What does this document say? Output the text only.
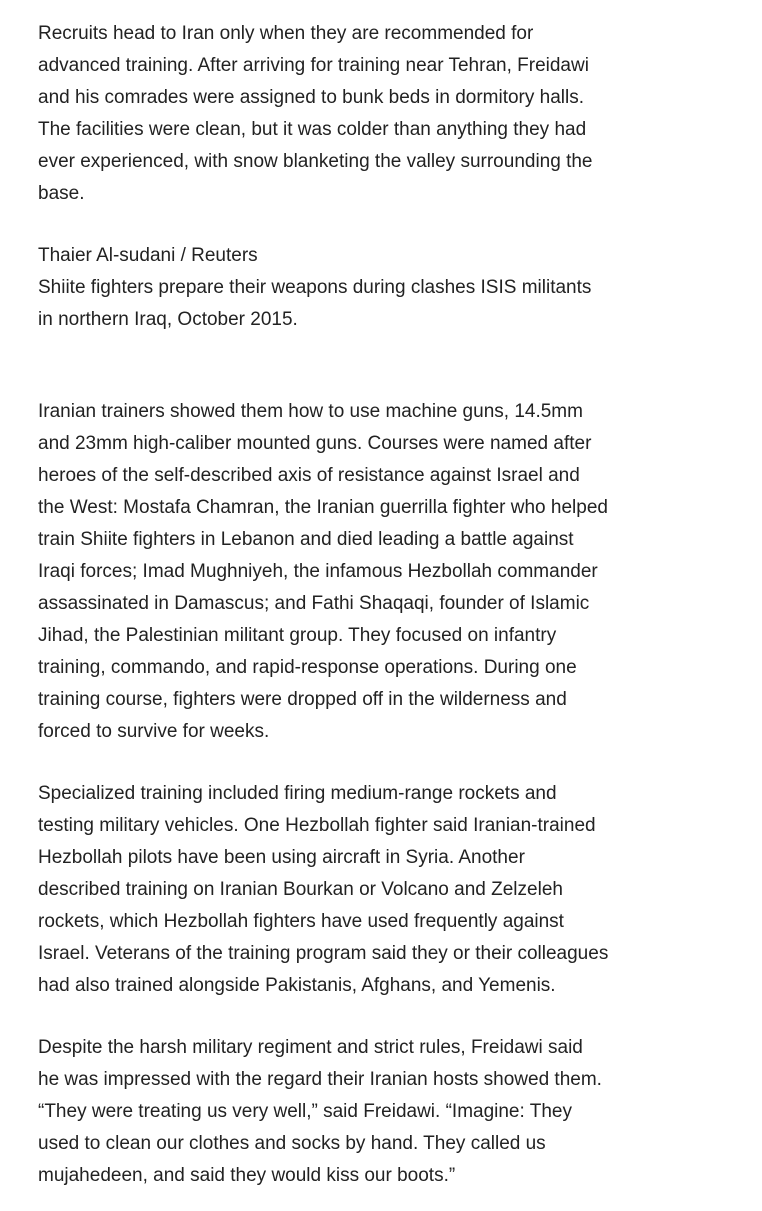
Recruits head to Iran only when they are recommended for
advanced training. After arriving for training near Tehran, Freidawi
and his comrades were assigned to bunk beds in dormitory halls.
The facilities were clean, but it was colder than anything they had
ever experienced, with snow blanketing the valley surrounding the
base.

Thaier Al-sudani / Reuters
Shiite fighters prepare their weapons during clashes ISIS militants
in northern Iraq, October 2015.

Iranian trainers showed them how to use machine guns, 14.5mm
and 23mm high-caliber mounted guns. Courses were named after
heroes of the self-described axis of resistance against Israel and
the West: Mostafa Chamran, the Iranian guerrilla fighter who helped
train Shiite fighters in Lebanon and died leading a battle against
Iraqi forces; Imad Mughniyeh, the infamous Hezbollah commander
assassinated in Damascus; and Fathi Shaqaqi, founder of Islamic
Jihad, the Palestinian militant group. They focused on infantry
training, commando, and rapid-response operations. During one
training course, fighters were dropped off in the wilderness and
forced to survive for weeks.

Specialized training included firing medium-range rockets and
testing military vehicles. One Hezbollah fighter said Iranian-trained
Hezbollah pilots have been using aircraft in Syria. Another
described training on Iranian Bourkan or Volcano and Zelzeleh
rockets, which Hezbollah fighters have used frequently against
Israel. Veterans of the training program said they or their colleagues
had also trained alongside Pakistanis, Afghans, and Yemenis.

Despite the harsh military regiment and strict rules, Freidawi said
he was impressed with the regard their Iranian hosts showed them.
“They were treating us very well,” said Freidawi. “Imagine: They
used to clean our clothes and socks by hand. They called us
mujahedeen, and said they would kiss our boots.”
